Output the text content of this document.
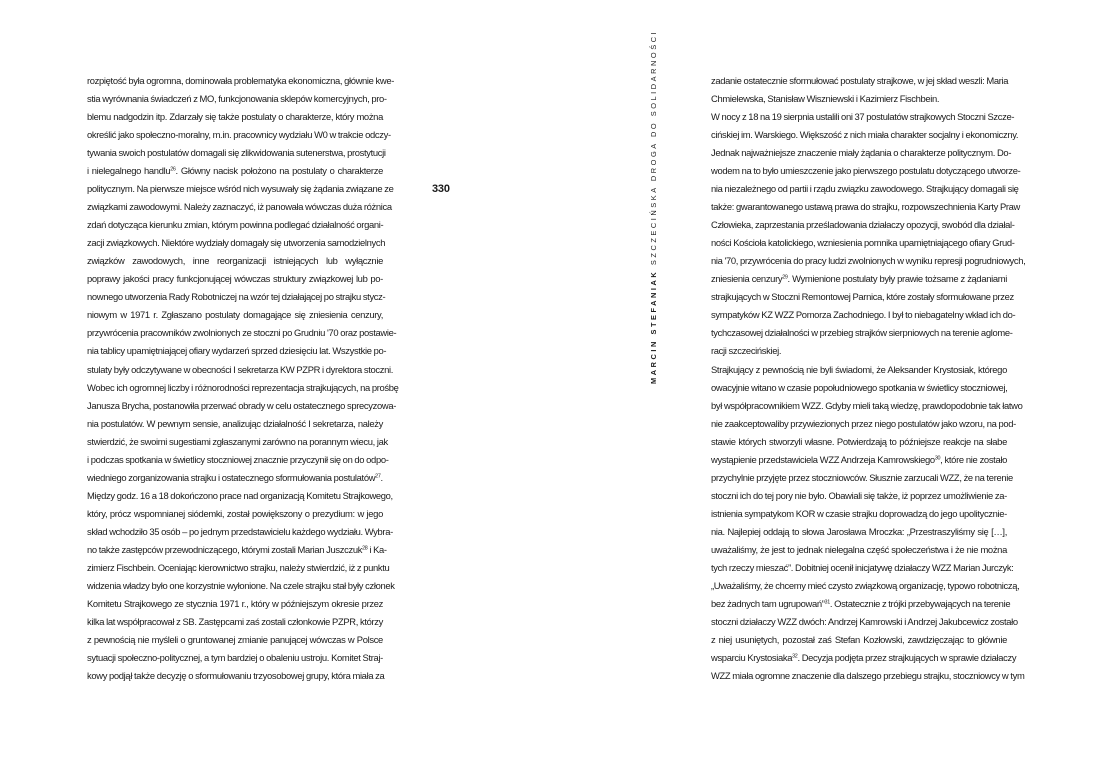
rozpiętość była ogromna, dominowała problematyka ekonomiczna, głównie kwe-
stia wyrównania świadczeń z MO, funkcjonowania sklepów komercyjnych, pro-
blemu nadgodzin itp. Zdarzały się także postulaty o charakterze, który można
określić jako społeczno-moralny, m.in. pracownicy wydziału W0 w trakcie odczy-
tywania swoich postulatów domagali się zlikwidowania sutenerstwa, prostytucji
i nielegalnego handlu$^{26}$. Główny nacisk położono na postulaty o charakterze
politycznym. Na pierwsze miejsce wśród nich wysuwały się żądania związane ze
związkami zawodowymi. Należy zaznaczyć, iż panowała wówczas duża różnica
zdań dotycząca kierunku zmian, którym powinna podlegać działalność organi-
zacji związkowych. Niektóre wydziały domagały się utworzenia samodzielnych
związków zawodowych, inne reorganizacji istniejących lub wyłącznie
poprawy jakości pracy funkcjonującej wówczas struktury związkowej lub po-
nownego utworzenia Rady Robotniczej na wzór tej działającej po strajku stycz-
niowym w 1971 r. Zgłaszano postulaty domagające się zniesienia cenzury,
przywrócenia pracowników zwolnionych ze stoczni po Grudniu '70 oraz postawie-
nia tablicy upamiętniającej ofiary wydarzeń sprzed dziesięciu lat. Wszystkie po-
stulaty były odczytywane w obecności I sekretarza KW PZPR i dyrektora stoczni.
Wobec ich ogromnej liczby i różnorodności reprezentacja strajkujących, na prośbę
Janusza Brycha, postanowiła przerwać obrady w celu ostatecznego sprecyzowa-
nia postulatów. W pewnym sensie, analizując działalność I sekretarza, należy
stwierdzić, że swoimi sugestiami zgłaszanymi zarówno na porannym wiecu, jak
i podczas spotkania w świetlicy stoczniowej znacznie przyczynił się on do odpo-
wiedniego zorganizowania strajku i ostatecznego sformułowania postulatów$^{27}$.
Między godz. 16 a 18 dokończono prace nad organizacją Komitetu Strajkowego,
który, prócz wspomnianej siódemki, został powiększony o prezydium: w jego
skład wchodziło 35 osób – po jednym przedstawicielu każdego wydziału. Wybra-
no także zastępców przewodniczącego, którymi zostali Marian Juszczuk$^{28}$ i Ka-
zimierz Fischbein. Oceniając kierownictwo strajku, należy stwierdzić, iż z punktu
widzenia władzy było one korzystnie wyłonione. Na czele strajku stał były członek
Komitetu Strajkowego ze stycznia 1971 r., który w późniejszym okresie przez
kilka lat współpracował z SB. Zastępcami zaś zostali członkowie PZPR, którzy
z pewnością nie myśleli o gruntowanej zmianie panującej wówczas w Polsce
sytuacji społeczno-politycznej, a tym bardziej o obaleniu ustroju. Komitet Straj-
kowy podjął także decyzję o sformułowaniu trzyosobowej grupy, która miała za
330
MARCIN STEFANIAK SZCZECIŃSKA DROGA DO SOLIDARNOŚCI	zadanie ostatecznie sformułować postulaty strajkowe, w jej skład weszli: Maria
Chmielewska, Stanisław Wiszniewski i Kazimierz Fischbein.
W nocy z 18 na 19 sierpnia ustalili oni 37 postulatów strajkowych Stoczni Szcze-
cińskiej im. Warskiego. Większość z nich miała charakter socjalny i ekonomiczny.
Jednak najważniejsze znaczenie miały żądania o charakterze politycznym. Do-
wodem na to było umieszczenie jako pierwszego postulatu dotyczącego utworze-
nia niezależnego od partii i rządu związku zawodowego. Strajkujący domagali się
także: gwarantowanego ustawą prawa do strajku, rozpowszechnienia Karty Praw
Człowieka, zaprzestania prześladowania działaczy opozycji, swobód dla działal-
ności Kościoła katolickiego, wzniesienia pomnika upamiętniającego ofiary Grud-
nia '70, przywrócenia do pracy ludzi zwolnionych w wyniku represji pogrudniowych,
zniesienia cenzury$^{29}$. Wymienione postulaty były prawie tożsame z żądaniami
strajkujących w Stoczni Remontowej Parnica, które zostały sformułowane przez
sympatyków KZ WZZ Pomorza Zachodniego. I był to niebagatelny wkład ich do-
tychczasowej działalności w przebieg strajków sierpniowych na terenie aglome-
racji szczecińskiej.
Strajkujący z pewnością nie byli świadomi, że Aleksander Krystosiak, którego
owacyjnie witano w czasie popołudniowego spotkania w świetlicy stoczniowej,
był współpracownikiem WZZ. Gdyby mieli taką wiedzę, prawdopodobnie tak łatwo
nie zaakceptowaliby przywiezionych przez niego postulatów jako wzoru, na pod-
stawie których stworzyli własne. Potwierdzają to późniejsze reakcje na słabe
wystąpienie przedstawiciela WZZ Andrzeja Kamrowskiego$^{30}$, które nie zostało
przychylnie przyjęte przez stoczniowców. Słusznie zarzucali WZZ, że na terenie
stoczni ich do tej pory nie było. Obawiali się także, iż poprzez umożliwienie za-
istnienia sympatykom KOR w czasie strajku doprowadzą do jego upolitycznie-
nia. Najlepiej oddają to słowa Jarosława Mroczka: „Przestraszyliśmy się […],
uważaliśmy, że jest to jednak nielegalna część społeczeństwa i że nie można
tych rzeczy mieszać”. Dobitniej ocenił inicjatywę działaczy WZZ Marian Jurczyk:
„Uważaliśmy, że chcemy mieć czysto związkową organizację, typowo robotniczą,
bez żadnych tam ugrupowań”$^{31}$. Ostatecznie z trójki przebywających na terenie
stoczni działaczy WZZ dwóch: Andrzej Kamrowski i Andrzej Jakubcewicz zostało
z niej usuniętych, pozostał zaś Stefan Kozłowski, zawdzięczając to głównie
wsparciu Krystosiaka$^{32}$. Decyzja podjęta przez strajkujących w sprawie działaczy
WZZ miała ogromne znaczenie dla dalszego przebiegu strajku, stoczniowcy w tym
